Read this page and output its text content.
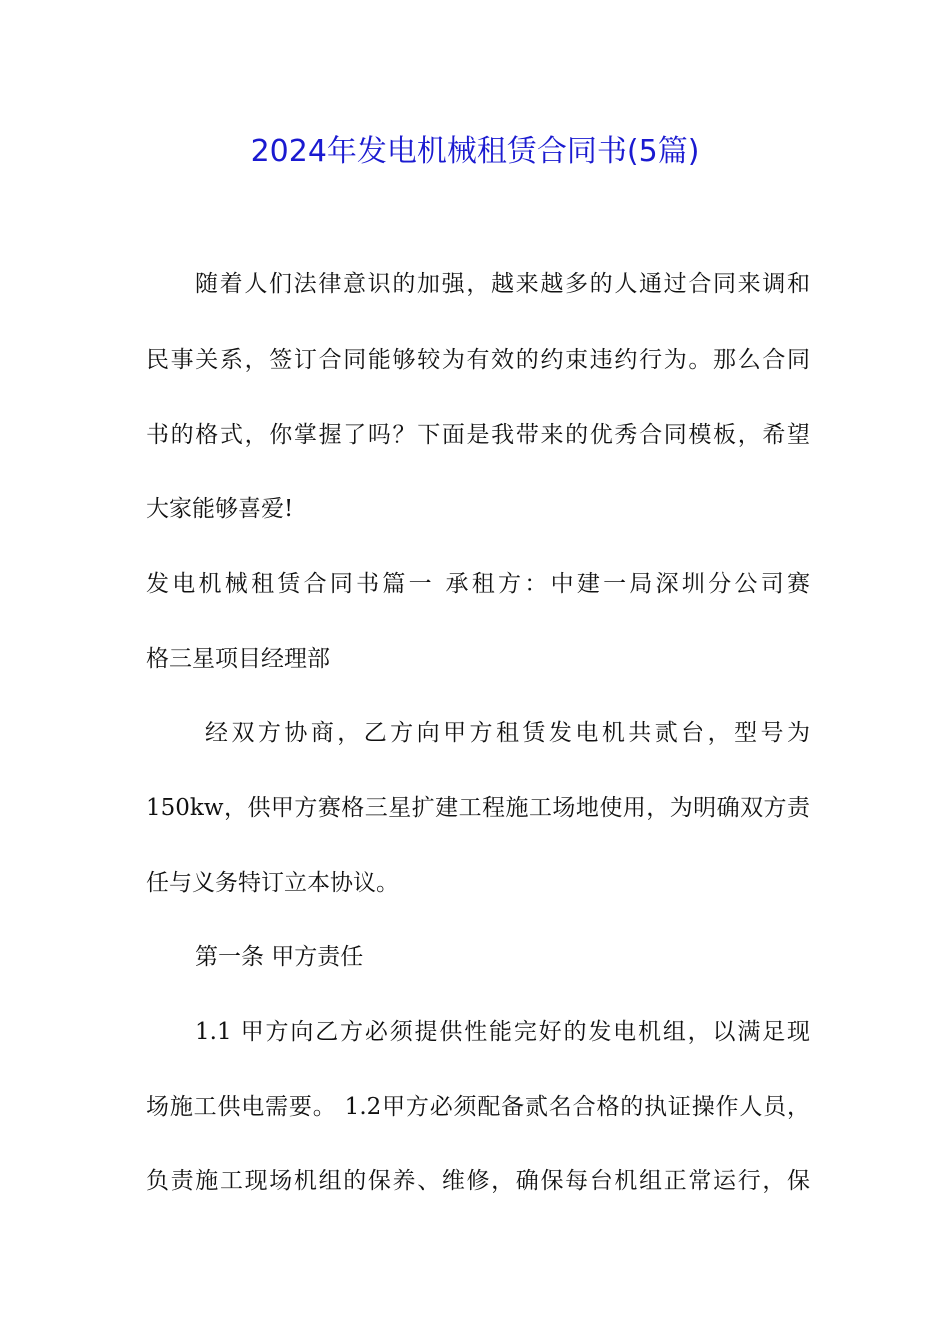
2024年发电机械租赁合同书(5篇)
随着人们法律意识的加强，越来越多的人通过合同来调和
民事关系，签订合同能够较为有效的约束违约行为。那么合同
书的格式，你掌握了吗？下面是我带来的优秀合同模板，希望
大家能够喜爱!
发电机械租赁合同书篇一 承租方：中建一局深圳分公司赛
格三星项目经理部
经双方协商，乙方向甲方租赁发电机共贰台，型号为
150kw，供甲方赛格三星扩建工程施工场地使用，为明确双方责
任与义务特订立本协议。
第一条 甲方责任
1.1 甲方向乙方必须提供性能完好的发电机组，以满足现
场施工供电需要。 1.2甲方必须配备贰名合格的执证操作人员，
负责施工现场机组的保养、维修，确保每台机组正常运行，保
